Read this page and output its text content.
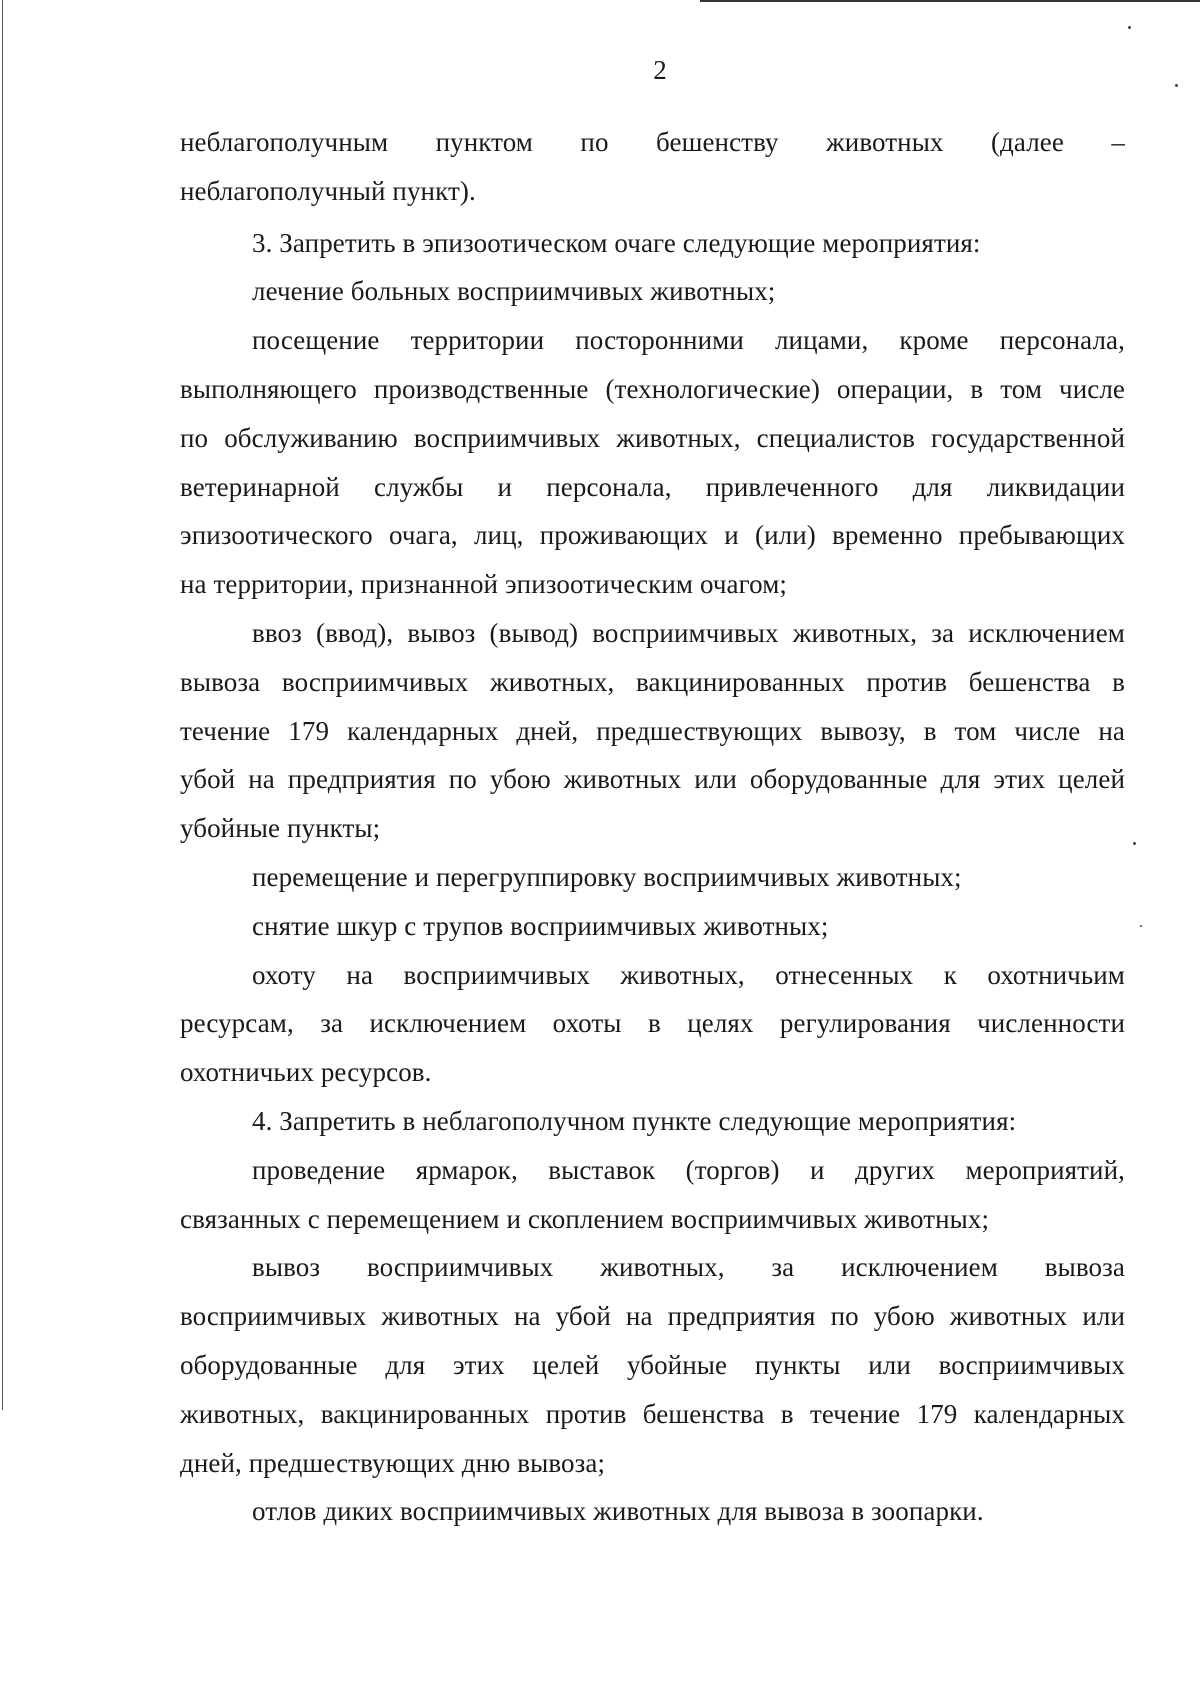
2

неблагополучным пунктом по бешенству животных (далее –
неблагополучный пункт).

3. Запретить в эпизоотическом очаге следующие мероприятия:

лечение больных восприимчивых животных;

посещение территории посторонними лицами, кроме персонала,
выполняющего производственные (технологические) операции, в том числе
по обслуживанию восприимчивых животных, специалистов государственной
ветеринарной службы и персонала, привлеченного для ликвидации
эпизоотического очага, лиц, проживающих и (или) временно пребывающих
на территории, признанной эпизоотическим очагом;

ввоз (ввод), вывоз (вывод) восприимчивых животных, за исключением
вывоза восприимчивых животных, вакцинированных против бешенства в
течение 179 календарных дней, предшествующих вывозу, в том числе на
убой на предприятия по убою животных или оборудованные для этих целей
убойные пункты;

перемещение и перегруппировку восприимчивых животных;

снятие шкур с трупов восприимчивых животных;

охоту на восприимчивых животных, отнесенных к охотничьим
ресурсам, за исключением охоты в целях регулирования численности
охотничьих ресурсов.

4. Запретить в неблагополучном пункте следующие мероприятия:

проведение ярмарок, выставок (торгов) и других мероприятий,
связанных с перемещением и скоплением восприимчивых животных;

вывоз восприимчивых животных, за исключением вывоза
восприимчивых животных на убой на предприятия по убою животных или
оборудованные для этих целей убойные пункты или восприимчивых
животных, вакцинированных против бешенства в течение 179 календарных
дней, предшествующих дню вывоза;

отлов диких восприимчивых животных для вывоза в зоопарки.
